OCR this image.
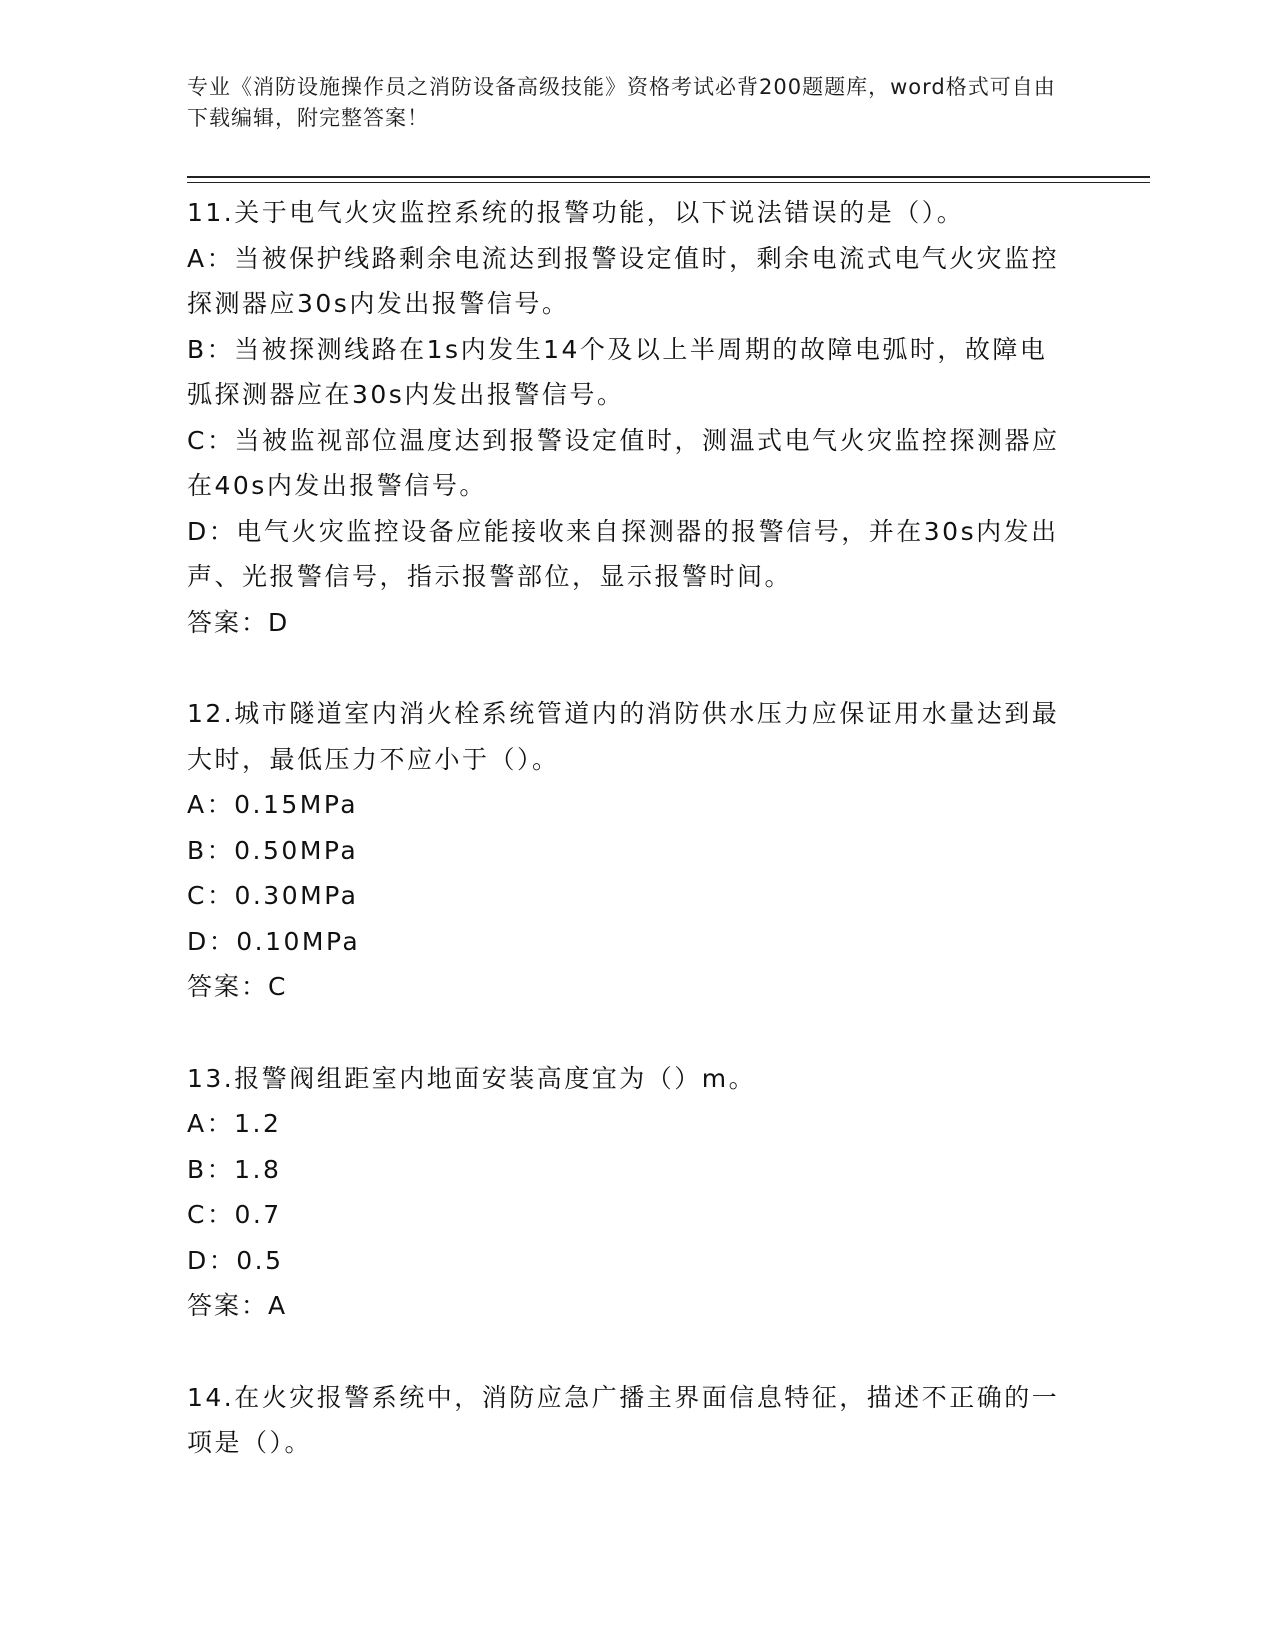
专业《消防设施操作员之消防设备高级技能》资格考试必背200题题库，word格式可自由下载编辑，附完整答案！

11.关于电气火灾监控系统的报警功能，以下说法错误的是（）。

A：当被保护线路剩余电流达到报警设定值时，剩余电流式电气火灾监控探测器应30s内发出报警信号。

B：当被探测线路在1s内发生14个及以上半周期的故障电弧时，故障电弧探测器应在30s内发出报警信号。

C：当被监视部位温度达到报警设定值时，测温式电气火灾监控探测器应在40s内发出报警信号。

D：电气火灾监控设备应能接收来自探测器的报警信号，并在30s内发出声、光报警信号，指示报警部位，显示报警时间。

答案：D

12.城市隧道室内消火栓系统管道内的消防供水压力应保证用水量达到最大时，最低压力不应小于（）。

A：0.15MPa

B：0.50MPa

C：0.30MPa

D：0.10MPa

答案：C

13.报警阀组距室内地面安装高度宜为（）m。

A：1.2

B：1.8

C：0.7

D：0.5

答案：A

14.在火灾报警系统中，消防应急广播主界面信息特征，描述不正确的一项是（）。
